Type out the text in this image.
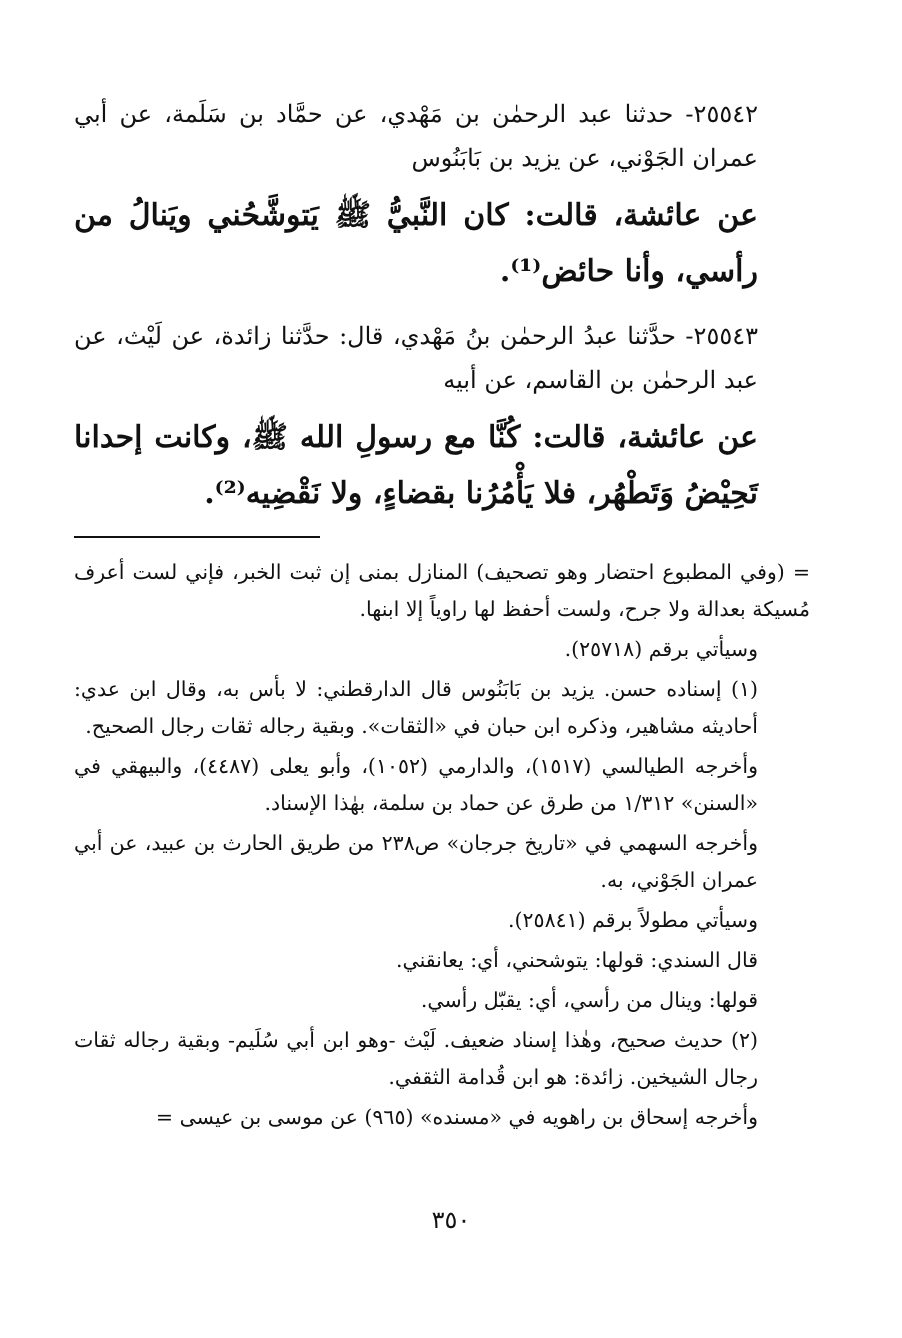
٢٥٥٤٢- حدثنا عبد الرحمٰن بن مَهْدي، عن حمَّاد بن سَلَمة، عن أبي عمران الجَوْني، عن يزيد بن بَابَنُوس

عن عائشة، قالت: كان النَّبيُّ ﷺ يَتوشَّحُني ويَنالُ من رأسي، وأنا حائض⁽¹⁾.

٢٥٥٤٣- حدَّثنا عبدُ الرحمٰن بنُ مَهْدي، قال: حدَّثنا زائدة، عن لَيْث، عن عبد الرحمٰن بن القاسم، عن أبيه

عن عائشة، قالت: كُنَّا مع رسولِ الله ﷺ، وكانت إحدانا تَحِيْضُ وَتَطْهُر، فلا يَأْمُرُنا بقضاءٍ، ولا نَقْضِيه⁽²⁾.

= (وفي المطبوع احتضار وهو تصحيف) المنازل بمنى إن ثبت الخبر، فإني لست أعرف مُسيكة بعدالة ولا جرح، ولست أحفظ لها راوياً إلا ابنها.

وسيأتي برقم (٢٥٧١٨).

(١) إسناده حسن. يزيد بن بَابَنُوس قال الدارقطني: لا بأس به، وقال ابن عدي: أحاديثه مشاهير، وذكره ابن حبان في «الثقات». وبقية رجاله ثقات رجال الصحيح.

وأخرجه الطيالسي (١٥١٧)، والدارمي (١٠٥٢)، وأبو يعلى (٤٤٨٧)، والبيهقي في «السنن» ١/٣١٢ من طرق عن حماد بن سلمة، بهٰذا الإسناد.

وأخرجه السهمي في «تاريخ جرجان» ص٢٣٨ من طريق الحارث بن عبيد، عن أبي عمران الجَوْني، به.

وسيأتي مطولاً برقم (٢٥٨٤١).

قال السندي: قولها: يتوشحني، أي: يعانقني.

قولها: وينال من رأسي، أي: يقبّل رأسي.

(٢) حديث صحيح، وهٰذا إسناد ضعيف. لَيْث -وهو ابن أبي سُلَيم- وبقية رجاله ثقات رجال الشيخين. زائدة: هو ابن قُدامة الثقفي.

وأخرجه إسحاق بن راهويه في «مسنده» (٩٦٥) عن موسى بن عيسى =

٣٥٠
